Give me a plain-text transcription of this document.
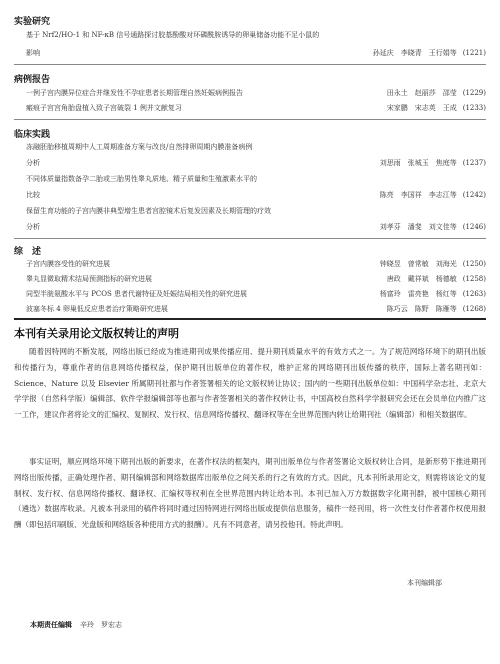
实验研究
基于 Nrf2/HO-1 和 NF-κB 信号通路探讨胶基酚酸对环磷酰胺诱导的卵巢储备功能不足小鼠的
影响	孙延庆　李晓青　王行娟等 (1221)
病例报告
一例子宫内膜异位症合并继发性不孕症患者长期管理自然妊娠病例报告	田永土　赵丽莎　邵莹 (1229)
瘢痕子宫宫角胎盘植入致子宫破裂 1 例并文献复习	宋家鹏　宋志英　王成 (1233)
临床实践
冻融胚胎移植周期中人工周期准备方案与改良/自然排卵周期内膜准备病例
分析	刘思雨　张城玉　焦庭等 (1237)
不同体质量指数备孕二胎或三胎男性睾丸质地、精子质量和生殖激素水平的
比较	陈亮　李国祥　李志江等 (1242)
保留生育功能的子宫内膜非典型增生患者宫腔镜术后复发因素及长期管理的疗效
分析	刘孝芬　潘斐　刘文佳等 (1246)
综　述
子宫内膜容受性的研究进展	钟晓昱　曾常敏　刘海光 (1250)
睾丸显微取精术结局预测指标的研究进展	唐政　戴祥斌　杨德敏 (1258)
同型半胱氨酸水平与 PCOS 患者代谢特征及妊娠结局相关性的研究进展	杨富玲　雷亮艳　杨红等 (1263)
波塞冬标 4 卵巢低反应患者治疗策略研究进展	陈巧云　陈野　陈雁等 (1268)
本刊有关录用论文版权转让的声明

随着因特网的不断发展，网络出版已经成为推进期刊成果传播应用、提升期刊质量水平的有效方式之一。为了规范网络环境下的期刊出版和传播行为，尊重作者的信息网络传播权益，保护期刊出版单位的著作权，维护正常的网络期刊出版传播的秩序，国际上著名期刊如：Science、Nature 以及 Elsevier 所属期刊社都与作者签署相关的论文版权转让协议；国内的一些期刊出版单位如：中国科学杂志社、北京大学学报（自然科学版）编辑部、软件学报编辑部等也都与作者签署相关的著作权转让书，中国高校自然科学学报研究会还在会员单位内推广这一工作，建议作者将论文的汇编权、复制权、发行权、信息网络传播权、翻译权等在全世界范围内转让给期刊社（编辑部）和相关数据库。

事实证明，顺应网络环境下期刊出版的新要求，在著作权法的框架内，期刊出版单位与作者签署论文版权转让合同，是新形势下推进期刊网络出版传播，正确处理作者、期刊编辑部和网络数据库出版单位之间关系的行之有效的方式。因此，凡本刊所录用论文，则需将该论文的复制权、发行权、信息网络传播权、翻译权、汇编权等权利在全世界范围内转让给本刊。本刊已加入万方数据数字化期刊群，被中国核心期刊（遴选）数据库收录。凡被本刊录用的稿件将同时通过因特网进行网络出版或提供信息服务，稿件一经刊用，将一次性支付作者著作权使用报酬（即包括印刷版、光盘版和网络版各种使用方式的报酬）。凡有不同意者，请另投他刊。特此声明。

本刊编辑部
本期责任编辑 辛玲　罗宏志
